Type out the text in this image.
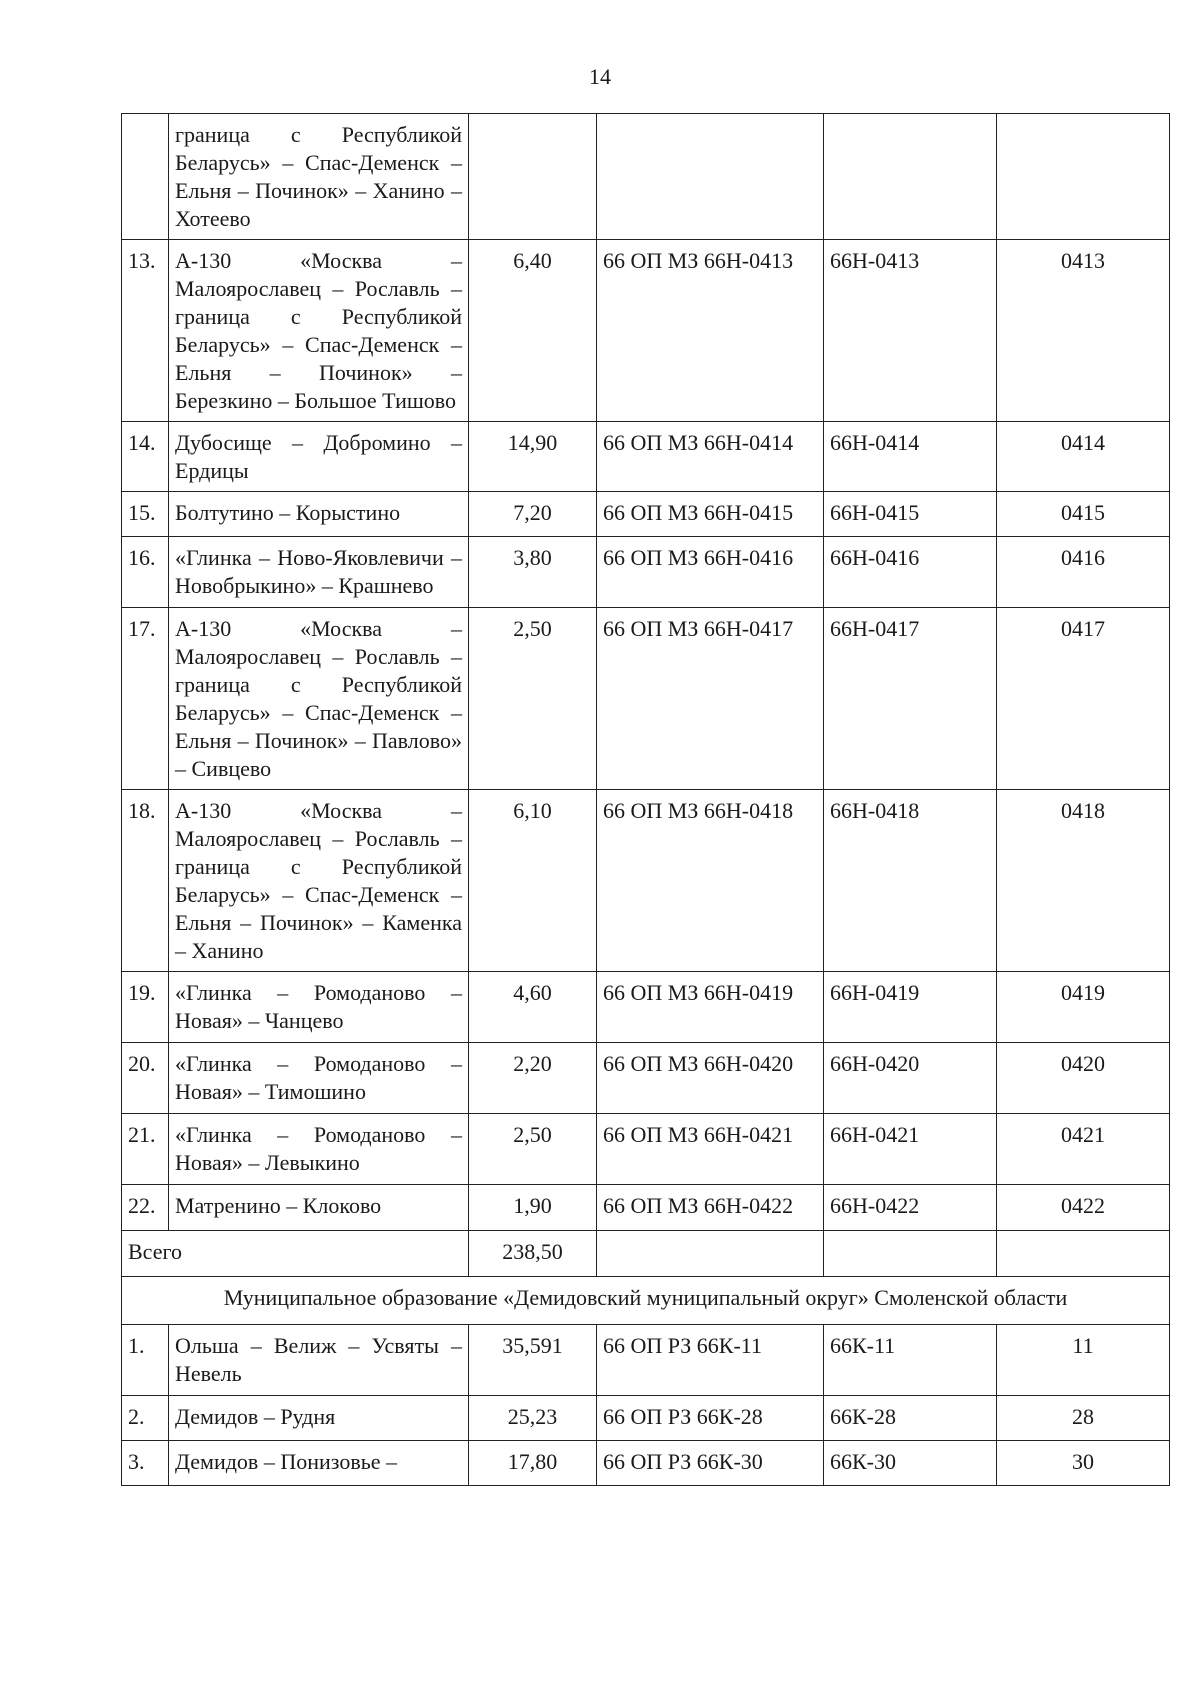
14
	граница с Республикой Беларусь» – Спас-Деменск – Ельня – Починок» – Ханино – Хотеево				
13.	А-130 «Москва – Малоярославец – Рославль – граница с Республикой Беларусь» – Спас-Деменск – Ельня – Починок» – Березкино – Большое Тишово	6,40	66 ОП МЗ 66Н-0413	66Н-0413	0413
14.	Дубосище – Добромино – Ердицы	14,90	66 ОП МЗ 66Н-0414	66Н-0414	0414
15.	Болтутино – Корыстино	7,20	66 ОП МЗ 66Н-0415	66Н-0415	0415
16.	«Глинка – Ново-Яковлевичи – Новобрыкино» – Крашнево	3,80	66 ОП МЗ 66Н-0416	66Н-0416	0416
17.	А-130 «Москва – Малоярославец – Рославль – граница с Республикой Беларусь» – Спас-Деменск – Ельня – Починок» – Павлово» – Сивцево	2,50	66 ОП МЗ 66Н-0417	66Н-0417	0417
18.	А-130 «Москва – Малоярославец – Рославль – граница с Республикой Беларусь» – Спас-Деменск – Ельня – Починок» – Каменка – Ханино	6,10	66 ОП МЗ 66Н-0418	66Н-0418	0418
19.	«Глинка – Ромоданово – Новая» – Чанцево	4,60	66 ОП МЗ 66Н-0419	66Н-0419	0419
20.	«Глинка – Ромоданово – Новая» – Тимошино	2,20	66 ОП МЗ 66Н-0420	66Н-0420	0420
21.	«Глинка – Ромоданово – Новая» – Левыкино	2,50	66 ОП МЗ 66Н-0421	66Н-0421	0421
22.	Матренино – Клоково	1,90	66 ОП МЗ 66Н-0422	66Н-0422	0422
Всего		238,50			
Муниципальное образование «Демидовский муниципальный округ» Смоленской области					
1.	Ольша – Велиж – Усвяты – Невель	35,591	66 ОП РЗ 66К-11	66К-11	11
2.	Демидов – Рудня	25,23	66 ОП РЗ 66К-28	66К-28	28
3.	Демидов – Понизовье –	17,80	66 ОП РЗ 66К-30	66К-30	30
